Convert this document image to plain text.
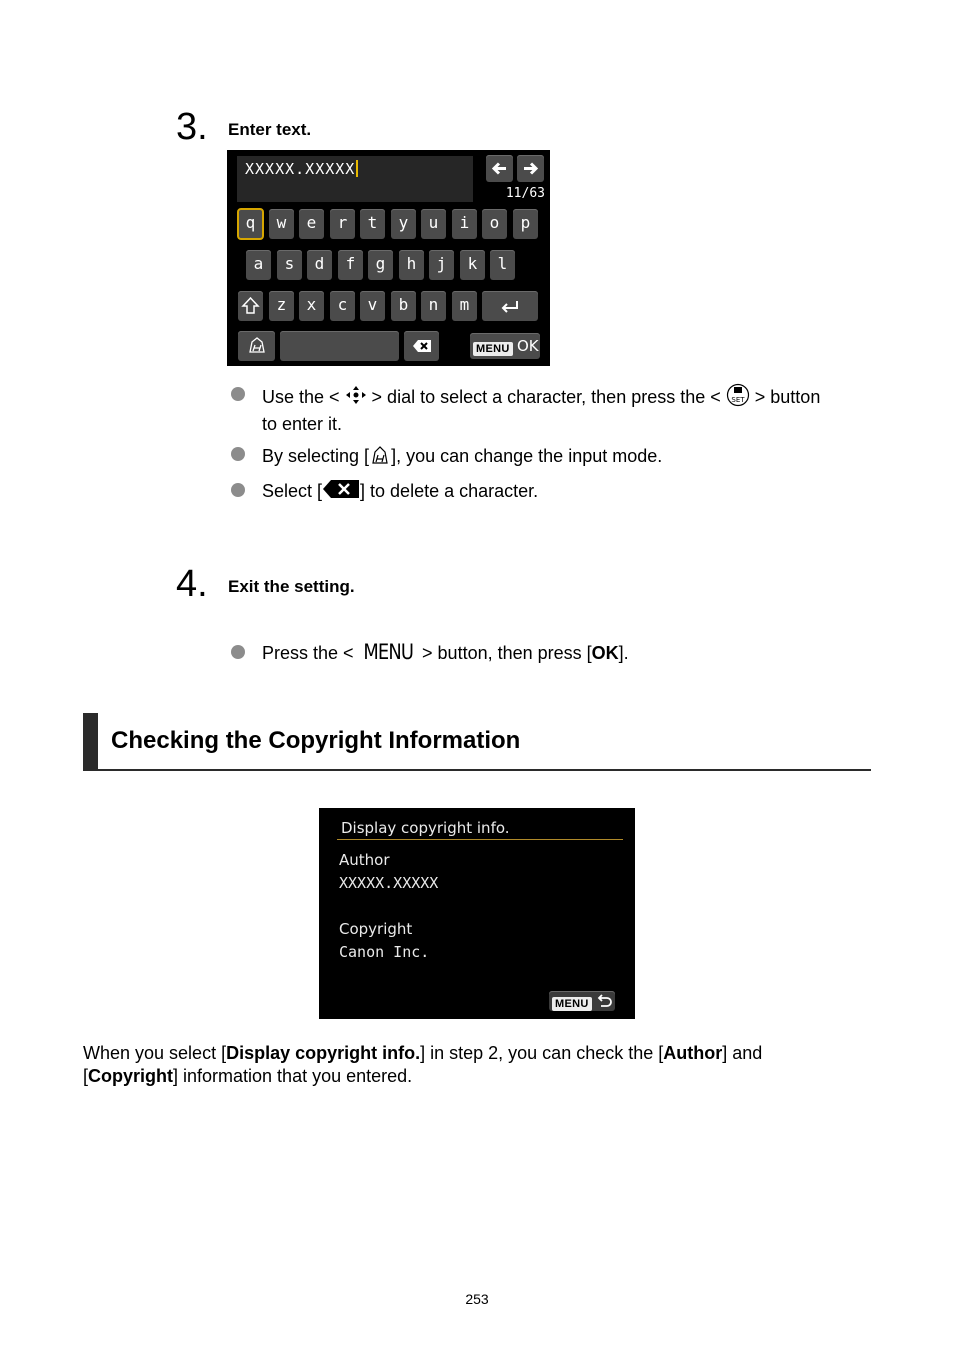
3. Enter text.
XXXXX.XXXXX
11/63
q	w	e	r	t	y	u	i	o	p
a	s	d	f	g	h	j	k	l
z	x	c	v	b	n	m
MENU OK
Use the <  > dial to select a character, then press the < SET > button
to enter it.
By selecting [ ], you can change the input mode.
Select [ ] to delete a character.
4. Exit the setting.
Press the < MENU > button, then press [OK].
Checking the Copyright Information
Display copyright info.
Author
XXXXX.XXXXX
Copyright
Canon Inc.
MENU
When you select [Display copyright info.] in step 2, you can check the [Author] and
[Copyright] information that you entered.
253
